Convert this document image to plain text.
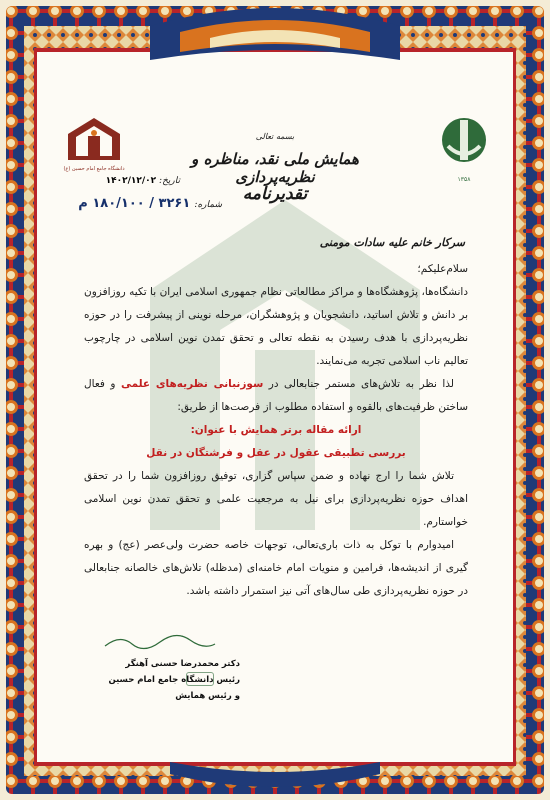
دانشگاه جامع امام حسین (ع)
۱۳۵۸
بسمه تعالی
همایش ملی نقد، مناظره و نظریه‌پردازی
تقدیرنامه
تاریخ: ۱۴۰۲/۱۲/۰۲
شماره: ۳۲۶۱ / ۱۸۰/۱۰۰ م
سرکار خانم علیه سادات مومنی

سلام‌علیکم؛

دانشگاه‌ها، پژوهشگاه‌ها و مراکز مطالعاتی نظام جمهوری اسلامی ایران با تکیه روزافزون بر دانش و تلاش اساتید، دانشجویان و پژوهشگران، مرحله نوینی از پیشرفت را در حوزه نظریه‌پردازی با هدف رسیدن به نقطه تعالی و تحقق تمدن نوین اسلامی در چارچوب تعالیم ناب اسلامی تجربه می‌نمایند.

لذا نظر به تلاش‌های مستمر جنابعالی در سوزنبانی نظریه‌های علمی و فعال ساختن ظرفیت‌های بالقوه و استفاده مطلوب از فرصت‌ها از طریق:

ارائه مقاله برتر همایش با عنوان:

بررسی تطبیقی عقول در عقل و فرشتگان در نقل

تلاش شما را ارج نهاده و ضمن سپاس گزاری، توفیق روزافزون شما را در تحقق اهداف حوزه نظریه‌پردازی برای نیل به مرجعیت علمی و تحقق تمدن نوین اسلامی خواستارم.

امیدوارم با توکل به ذات باری‌تعالی، توجهات خاصه حضرت ولی‌عصر (عج) و بهره گیری از اندیشه‌ها، فرامین و منویات امام خامنه‌ای (مدظله) تلاش‌های خالصانه جنابعالی در حوزه نظریه‌پردازی طی سال‌های آتی نیز استمرار داشته باشد.

دکتر محمدرضا حسنی آهنگر
رئیس دانشگاه جامع امام حسین
و رئیس همایش
